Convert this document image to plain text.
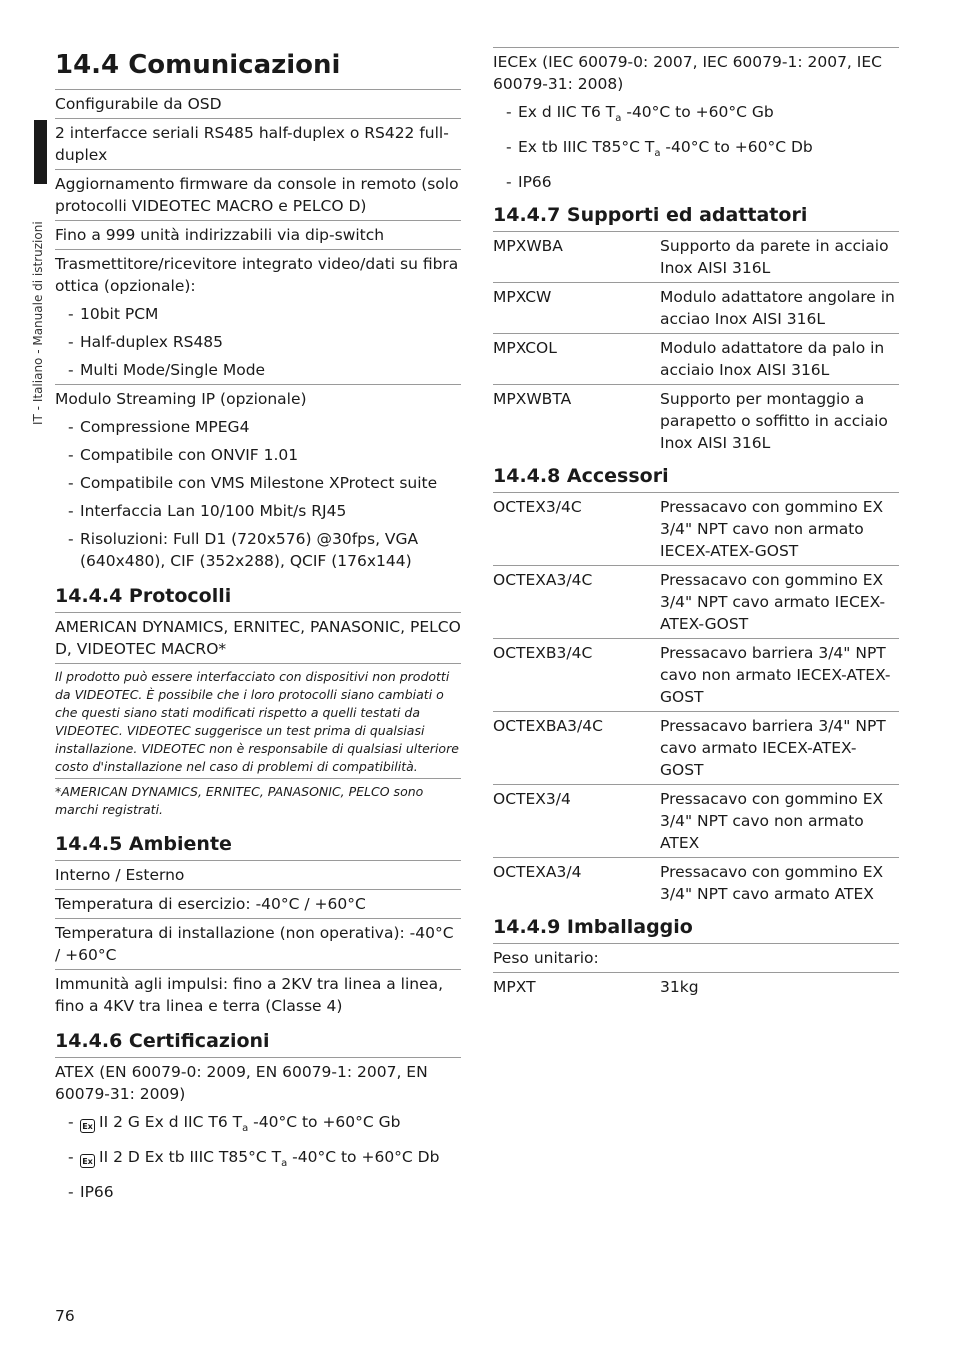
IT - Italiano - Manuale di istruzioni
14.4 Comunicazioni
Configurabile da OSD
2 interfacce seriali RS485 half-duplex o RS422 full-duplex
Aggiornamento firmware da console in remoto (solo protocolli VIDEOTEC MACRO e PELCO D)
Fino a 999 unità indirizzabili via dip-switch
Trasmettitore/ricevitore integrato video/dati su fibra ottica (opzionale):
- 10bit PCM
- Half-duplex RS485
- Multi Mode/Single Mode
Modulo Streaming IP (opzionale)
- Compressione MPEG4
- Compatibile con ONVIF 1.01
- Compatibile con VMS Milestone XProtect suite
- Interfaccia Lan 10/100 Mbit/s RJ45
- Risoluzioni: Full D1 (720x576) @30fps, VGA (640x480), CIF (352x288), QCIF (176x144)
14.4.4 Protocolli
AMERICAN DYNAMICS, ERNITEC, PANASONIC, PELCO D, VIDEOTEC MACRO*
Il prodotto può essere interfacciato con dispositivi non prodotti da VIDEOTEC. È possibile che i loro protocolli siano cambiati o che questi siano stati modificati rispetto a quelli testati da VIDEOTEC. VIDEOTEC suggerisce un test prima di qualsiasi installazione. VIDEOTEC non è responsabile di qualsiasi ulteriore costo d'installazione nel caso di problemi di compatibilità.
*AMERICAN DYNAMICS, ERNITEC, PANASONIC, PELCO sono marchi registrati.
14.4.5 Ambiente
Interno / Esterno
Temperatura di esercizio: -40°C / +60°C
Temperatura di installazione (non operativa): -40°C / +60°C
Immunità agli impulsi: fino a 2KV tra linea a linea, fino a 4KV tra linea e terra (Classe 4)
14.4.6 Certificazioni
ATEX (EN 60079-0: 2009, EN 60079-1: 2007, EN 60079-31: 2009)
- Ex II 2 G Ex d IIC T6 $T_a$ -40°C to +60°C Gb
- Ex II 2 D Ex tb IIIC T85°C $T_a$ -40°C to +60°C Db
- IP66
IECEx (IEC 60079-0: 2007, IEC 60079-1: 2007, IEC 60079-31: 2008)
- Ex d IIC T6 $T_a$ -40°C to +60°C Gb
- Ex tb IIIC T85°C $T_a$ -40°C to +60°C Db
- IP66
14.4.7 Supporti ed adattatori
MPXWBA	Supporto da parete in acciaio Inox AISI 316L
MPXCW	Modulo adattatore angolare in acciao Inox AISI 316L
MPXCOL	Modulo adattatore da palo in acciaio Inox AISI 316L
MPXWBTA	Supporto per montaggio a parapetto o soffitto in acciaio Inox AISI 316L
14.4.8 Accessori
OCTEX3/4C	Pressacavo con gommino EX 3/4" NPT cavo non armato IECEX-ATEX-GOST
OCTEXA3/4C	Pressacavo con gommino EX 3/4" NPT cavo armato IECEX-ATEX-GOST
OCTEXB3/4C	Pressacavo barriera 3/4" NPT cavo non armato IECEX-ATEX-GOST
OCTEXBA3/4C	Pressacavo barriera 3/4" NPT cavo armato IECEX-ATEX-GOST
OCTEX3/4	Pressacavo con gommino EX 3/4" NPT cavo non armato ATEX
OCTEXA3/4	Pressacavo con gommino EX 3/4" NPT cavo armato ATEX
14.4.9 Imballaggio
Peso unitario:
MPXT	31kg
76
